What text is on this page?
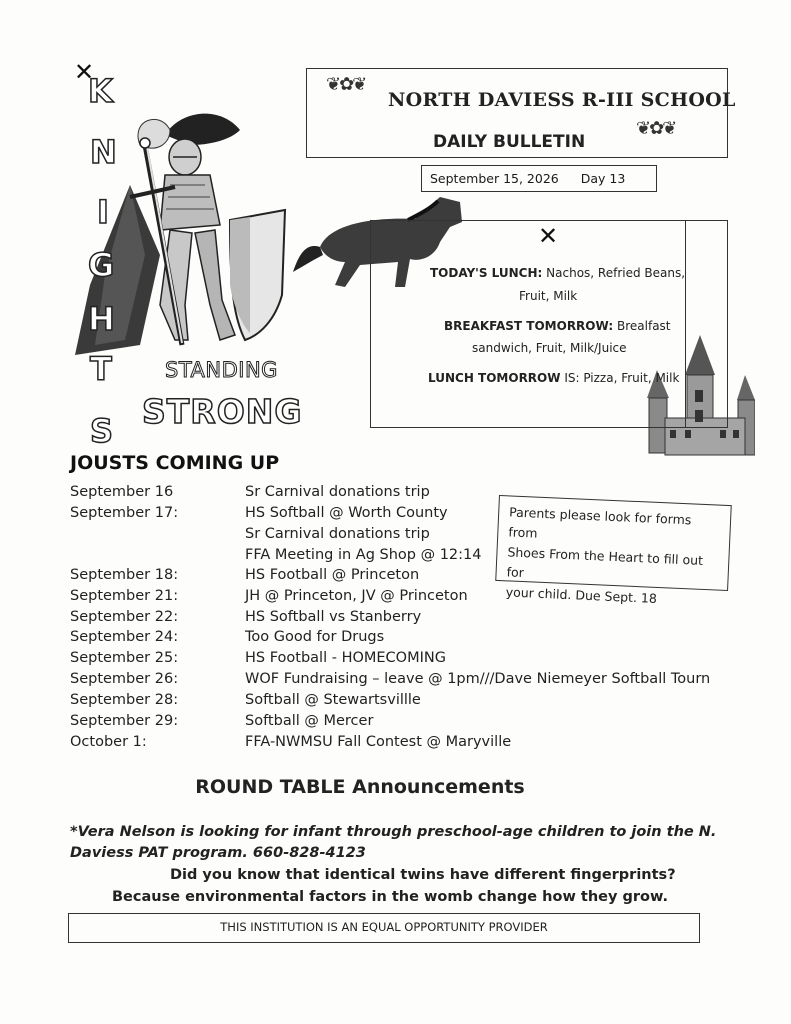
❦✿❦
❦✿❦
✕
✕
NORTH DAVIESS R-III SCHOOL
DAILY BULLETIN
September 15, 2026 Day 13
K
N
I
G
H
T
S
STANDING
STRONG
TODAY'S LUNCH: Nachos, Refried Beans,
Fruit, Milk
BREAKFAST TOMORROW: Brealfast
sandwich, Fruit, Milk/Juice
LUNCH TOMORROW IS: Pizza, Fruit, Milk
JOUSTS COMING UP
September 16	Sr Carnival donations trip
September 17:	HS Softball @ Worth County
Sr Carnival donations trip
FFA Meeting in Ag Shop @ 12:14
September 18:	HS Football @ Princeton
September 21:	JH @ Princeton, JV @ Princeton
September 22:	HS Softball vs Stanberry
September 24:	Too Good for Drugs
September 25:	HS Football - HOMECOMING
September 26:	WOF Fundraising – leave @ 1pm///Dave Niemeyer Softball Tourn
September 28:	Softball @ Stewartsvillle
September 29:	Softball @ Mercer
October 1:	FFA-NWMSU Fall Contest @ Maryville
Parents please look for forms from
Shoes From the Heart to fill out for
your child. Due Sept. 18
ROUND TABLE Announcements
*Vera Nelson is looking for infant through preschool-age children to join the N. Daviess PAT program. 660-828-4123
Did you know that identical twins have different fingerprints? Because environmental factors in the womb change how they grow.
THIS INSTITUTION IS AN EQUAL OPPORTUNITY PROVIDER
